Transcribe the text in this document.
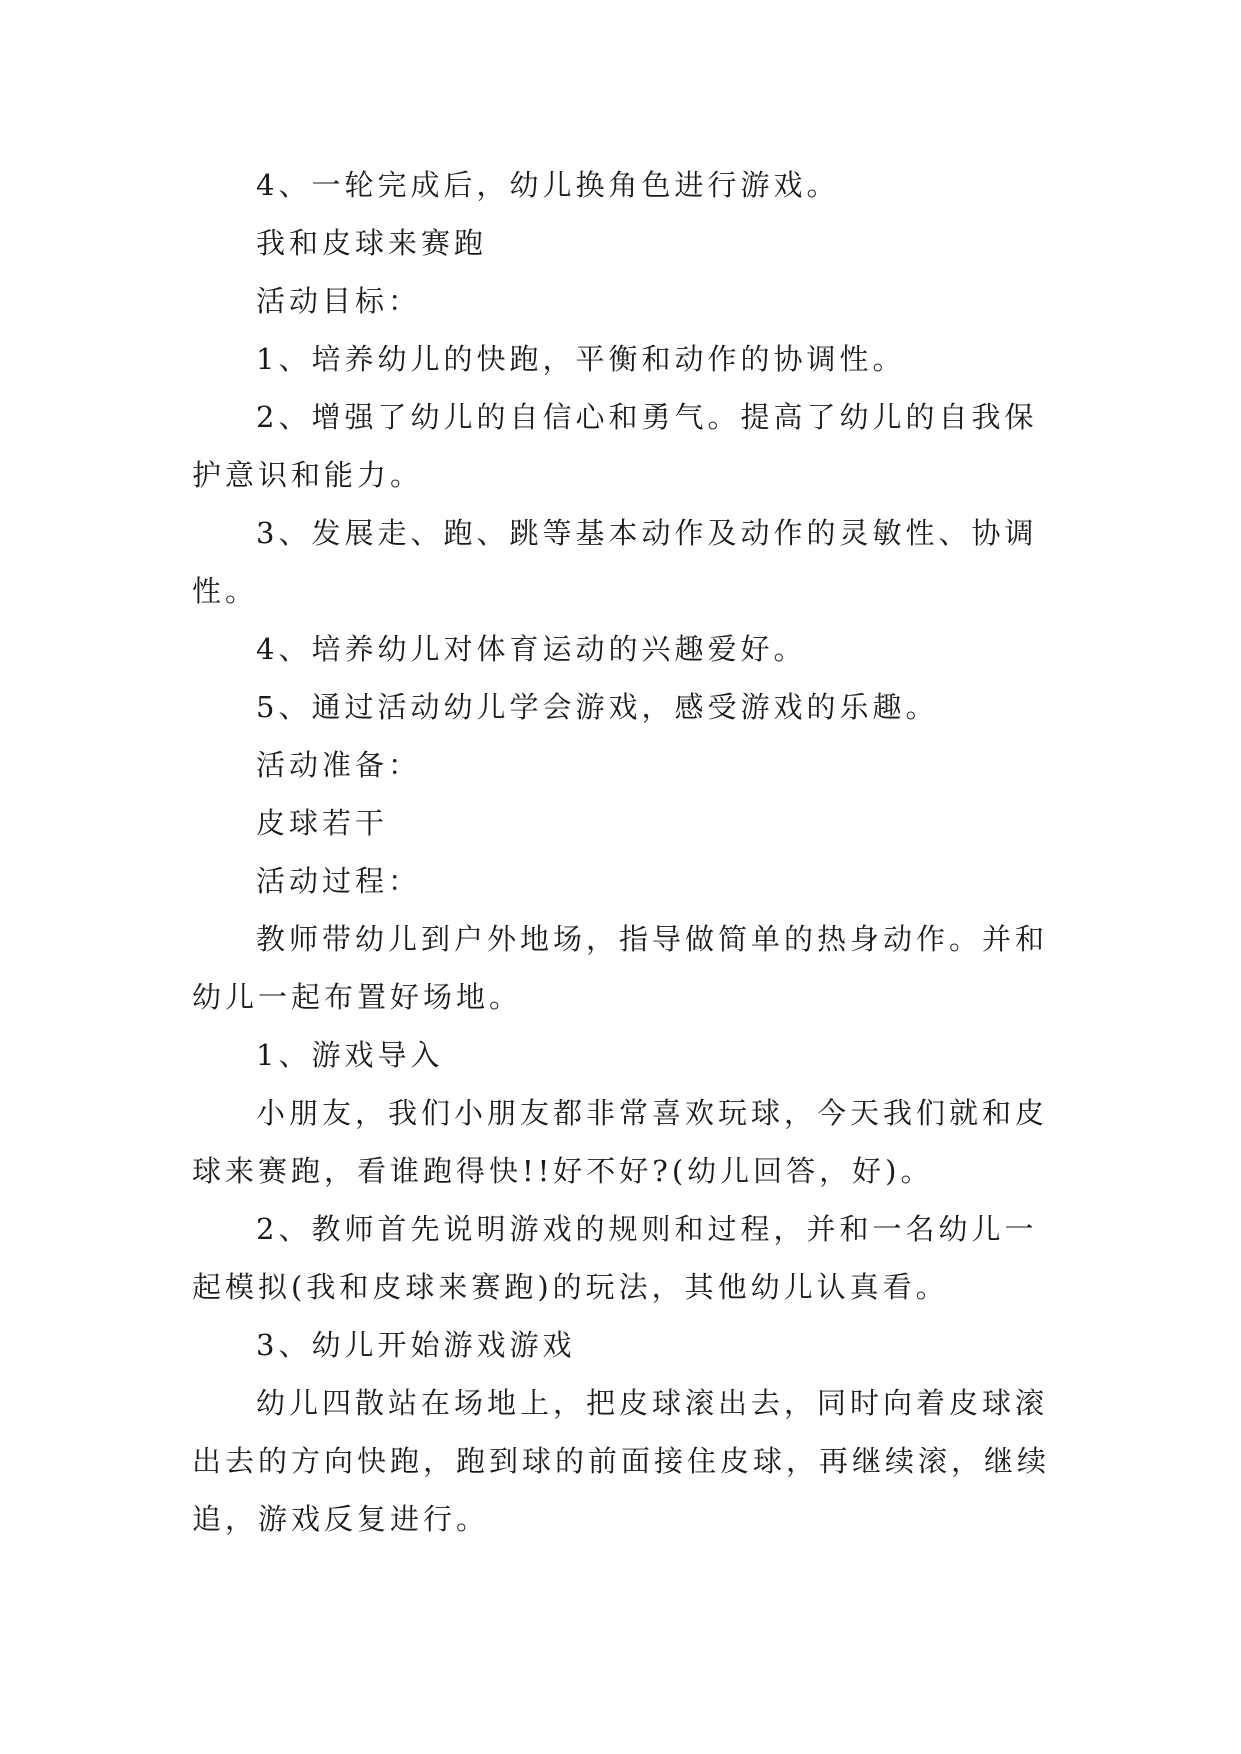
4、一轮完成后，幼儿换角色进行游戏。

我和皮球来赛跑

活动目标：

1、培养幼儿的快跑，平衡和动作的协调性。

2、增强了幼儿的自信心和勇气。提高了幼儿的自我保护意识和能力。

3、发展走、跑、跳等基本动作及动作的灵敏性、协调性。

4、培养幼儿对体育运动的兴趣爱好。

5、通过活动幼儿学会游戏，感受游戏的乐趣。

活动准备：

皮球若干

活动过程：

教师带幼儿到户外地场，指导做简单的热身动作。并和幼儿一起布置好场地。

1、游戏导入

小朋友，我们小朋友都非常喜欢玩球，今天我们就和皮球来赛跑，看谁跑得快!!好不好?(幼儿回答，好)。

2、教师首先说明游戏的规则和过程，并和一名幼儿一起模拟(我和皮球来赛跑)的玩法，其他幼儿认真看。

3、幼儿开始游戏游戏

幼儿四散站在场地上，把皮球滚出去，同时向着皮球滚出去的方向快跑，跑到球的前面接住皮球，再继续滚，继续追，游戏反复进行。
